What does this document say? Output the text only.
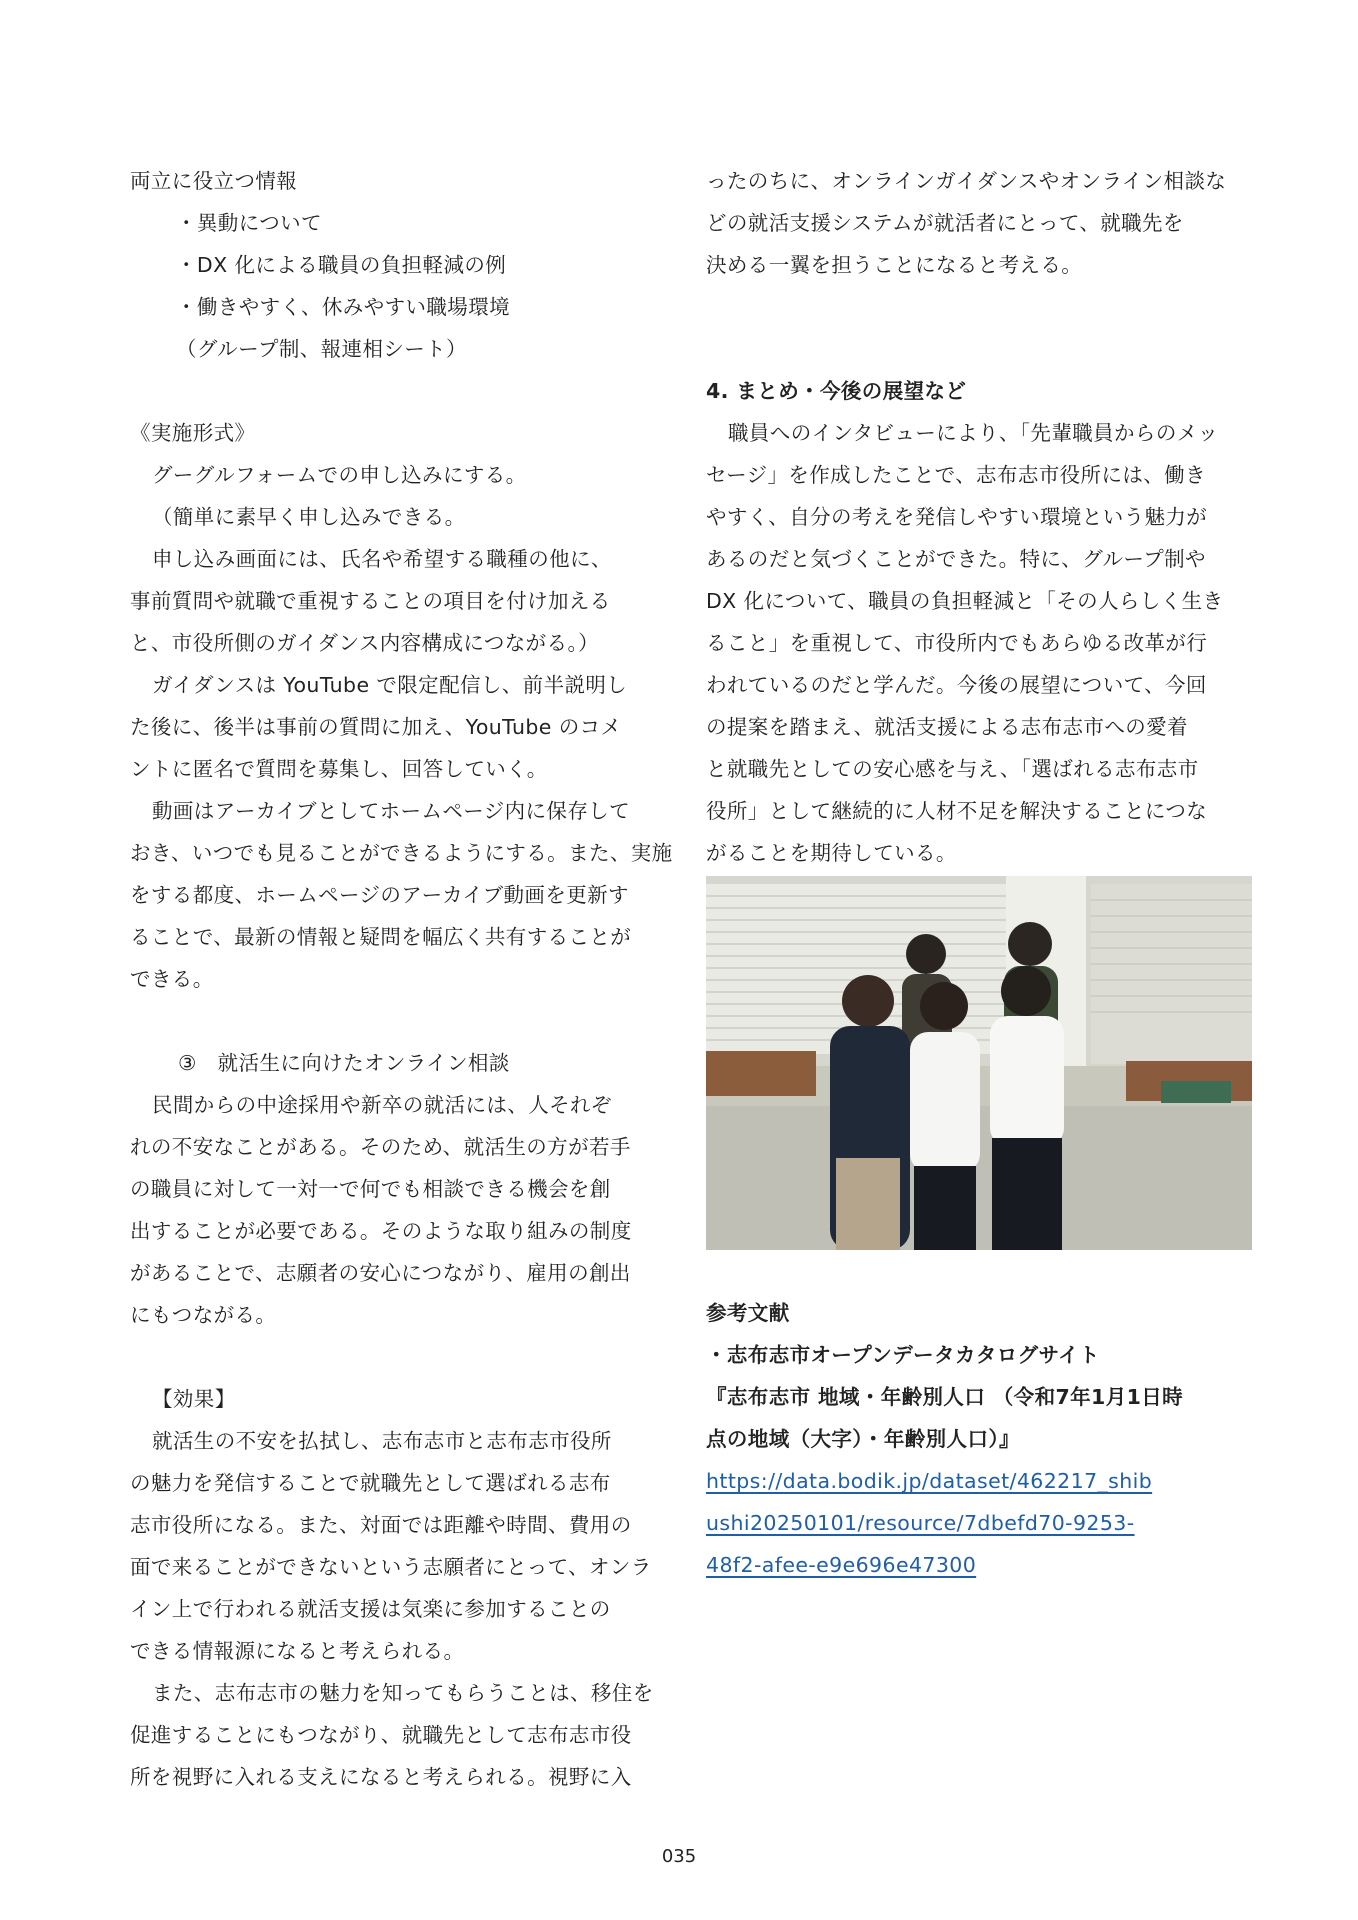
両立に役立つ情報
・異動について
・DX 化による職員の負担軽減の例
・働きやすく、休みやすい職場環境
（グループ制、報連相シート）
《実施形式》
グーグルフォームでの申し込みにする。
（簡単に素早く申し込みできる。
申し込み画面には、氏名や希望する職種の他に、
事前質問や就職で重視することの項目を付け加える
と、市役所側のガイダンス内容構成につながる。）
ガイダンスは YouTube で限定配信し、前半説明し
た後に、後半は事前の質問に加え、YouTube のコメ
ントに匿名で質問を募集し、回答していく。
動画はアーカイブとしてホームページ内に保存して
おき、いつでも見ることができるようにする。また、実施
をする都度、ホームページのアーカイブ動画を更新す
ることで、最新の情報と疑問を幅広く共有することが
できる。
③　就活生に向けたオンライン相談
民間からの中途採用や新卒の就活には、人それぞ
れの不安なことがある。そのため、就活生の方が若手
の職員に対して一対一で何でも相談できる機会を創
出することが必要である。そのような取り組みの制度
があることで、志願者の安心につながり、雇用の創出
にもつながる。
【効果】
就活生の不安を払拭し、志布志市と志布志市役所
の魅力を発信することで就職先として選ばれる志布
志市役所になる。また、対面では距離や時間、費用の
面で来ることができないという志願者にとって、オンラ
イン上で行われる就活支援は気楽に参加することの
できる情報源になると考えられる。
また、志布志市の魅力を知ってもらうことは、移住を
促進することにもつながり、就職先として志布志市役
所を視野に入れる支えになると考えられる。視野に入
ったのちに、オンラインガイダンスやオンライン相談な
どの就活支援システムが就活者にとって、就職先を
決める一翼を担うことになると考える。
4. まとめ・今後の展望など
職員へのインタビューにより、「先輩職員からのメッ
セージ」を作成したことで、志布志市役所には、働き
やすく、自分の考えを発信しやすい環境という魅力が
あるのだと気づくことができた。特に、グループ制や
DX 化について、職員の負担軽減と「その人らしく生き
ること」を重視して、市役所内でもあらゆる改革が行
われているのだと学んだ。今後の展望について、今回
の提案を踏まえ、就活支援による志布志市への愛着
と就職先としての安心感を与え、「選ばれる志布志市
役所」として継続的に人材不足を解決することにつな
がることを期待している。
参考文献
・志布志市オープンデータカタログサイト
『志布志市 地域・年齢別人口 （令和7年1月1日時
点の地域（大字）・年齢別人口）』
https://data.bodik.jp/dataset/462217_shib
ushi20250101/resource/7dbefd70-9253-
48f2-afee-e9e696e47300
035
